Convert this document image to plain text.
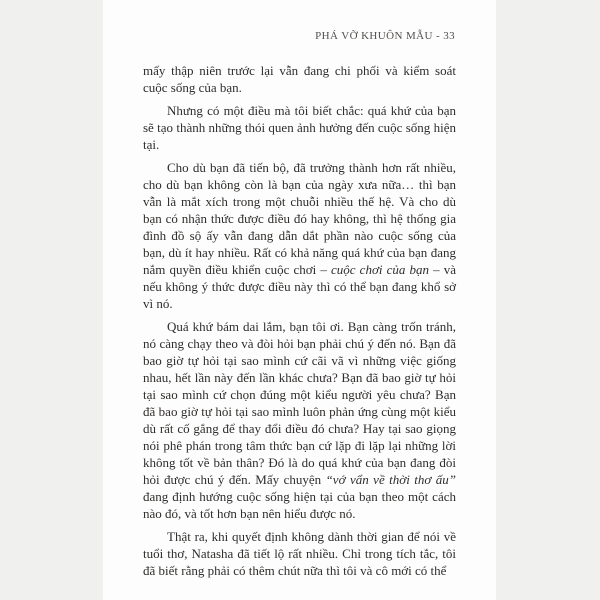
PHÁ VỠ KHUÔN MẪU - 33

mấy thập niên trước lại vẫn đang chi phối và kiểm soát cuộc sống của bạn.

Nhưng có một điều mà tôi biết chắc: quá khứ của bạn sẽ tạo thành những thói quen ảnh hưởng đến cuộc sống hiện tại.

Cho dù bạn đã tiến bộ, đã trưởng thành hơn rất nhiều, cho dù bạn không còn là bạn của ngày xưa nữa… thì bạn vẫn là mắt xích trong một chuỗi nhiều thế hệ. Và cho dù bạn có nhận thức được điều đó hay không, thì hệ thống gia đình đồ sộ ấy vẫn đang dẫn dắt phần nào cuộc sống của bạn, dù ít hay nhiều. Rất có khả năng quá khứ của bạn đang nắm quyền điều khiển cuộc chơi – cuộc chơi của bạn – và nếu không ý thức được điều này thì có thể bạn đang khổ sở vì nó.

Quá khứ bám dai lắm, bạn tôi ơi. Bạn càng trốn tránh, nó càng chạy theo và đòi hỏi bạn phải chú ý đến nó. Bạn đã bao giờ tự hỏi tại sao mình cứ cãi vã vì những việc giống nhau, hết lần này đến lần khác chưa? Bạn đã bao giờ tự hỏi tại sao mình cứ chọn đúng một kiểu người yêu chưa? Bạn đã bao giờ tự hỏi tại sao mình luôn phản ứng cùng một kiểu dù rất cố gắng để thay đổi điều đó chưa? Hay tại sao giọng nói phê phán trong tâm thức bạn cứ lặp đi lặp lại những lời không tốt về bản thân? Đó là do quá khứ của bạn đang đòi hỏi được chú ý đến. Mấy chuyện “vớ vẩn về thời thơ ấu” đang định hướng cuộc sống hiện tại của bạn theo một cách nào đó, và tốt hơn bạn nên hiểu được nó.

Thật ra, khi quyết định không dành thời gian để nói về tuổi thơ, Natasha đã tiết lộ rất nhiều. Chỉ trong tích tắc, tôi đã biết rằng phải có thêm chút nữa thì tôi và cô mới có thể
